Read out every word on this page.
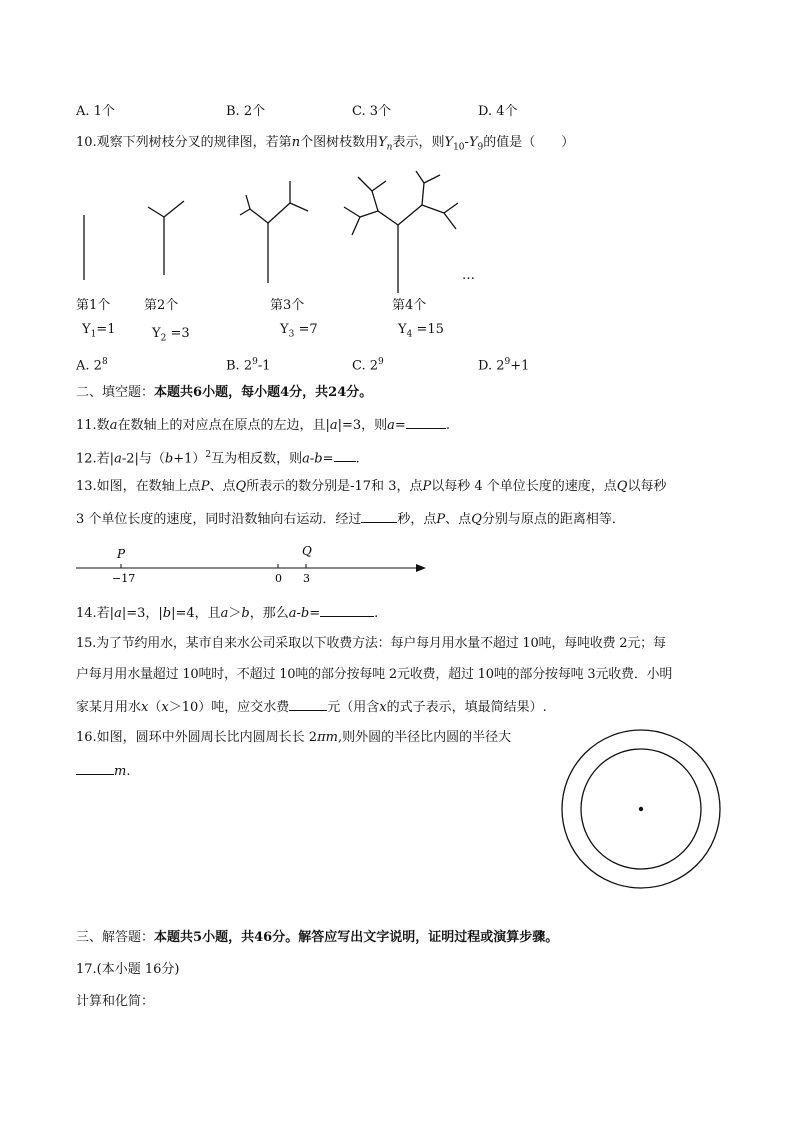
A. 1个	B. 2个	C. 3个	D. 4个
10.观察下列树枝分叉的规律图，若第n个图树枝数用$Y_n$表示，则$Y_{10}-Y_9$的值是（　　）
…
第1个	第2个	第3个	第4个
$Y_1=1$	$Y_2 =3$	$Y_3 =7$	$Y_4 =15$
A. $2^8$	B. $2^9-1$	C. $2^9$	D. $2^9+1$
二、填空题：本题共6小题，每小题4分，共24分。
11.数a在数轴上的对应点在原点的左边，且|a|=3，则a=	.
12.若|a-2|与$(b+1)^2$互为相反数，则a-b= .
13.如图，在数轴上点P、点Q所表示的数分别是-17和 3，点P以每秒 4 个单位长度的速度，点Q以每秒
3 个单位长度的速度，同时沿数轴向右运动．经过	秒，点P、点Q分别与原点的距离相等．
P	Q
−17	0 3
14.若|a|=3，|b|=4，且a＞b，那么a-b=	.
15.为了节约用水，某市自来水公司采取以下收费方法：每户每月用水量不超过 10吨，每吨收费 2元；每
户每月用水量超过 10吨时，不超过 10吨的部分按每吨 2元收费，超过 10吨的部分按每吨 3元收费．小明
家某月用水x（x＞10）吨，应交水费	元（用含x的式子表示，填最简结果）.
16.如图，圆环中外圆周长比内圆周长长 2πm,则外圆的半径比内圆的半径大
m.
三、解答题：本题共5小题，共46分。解答应写出文字说明，证明过程或演算步骤。
17.(本小题 16分)
计算和化简：
